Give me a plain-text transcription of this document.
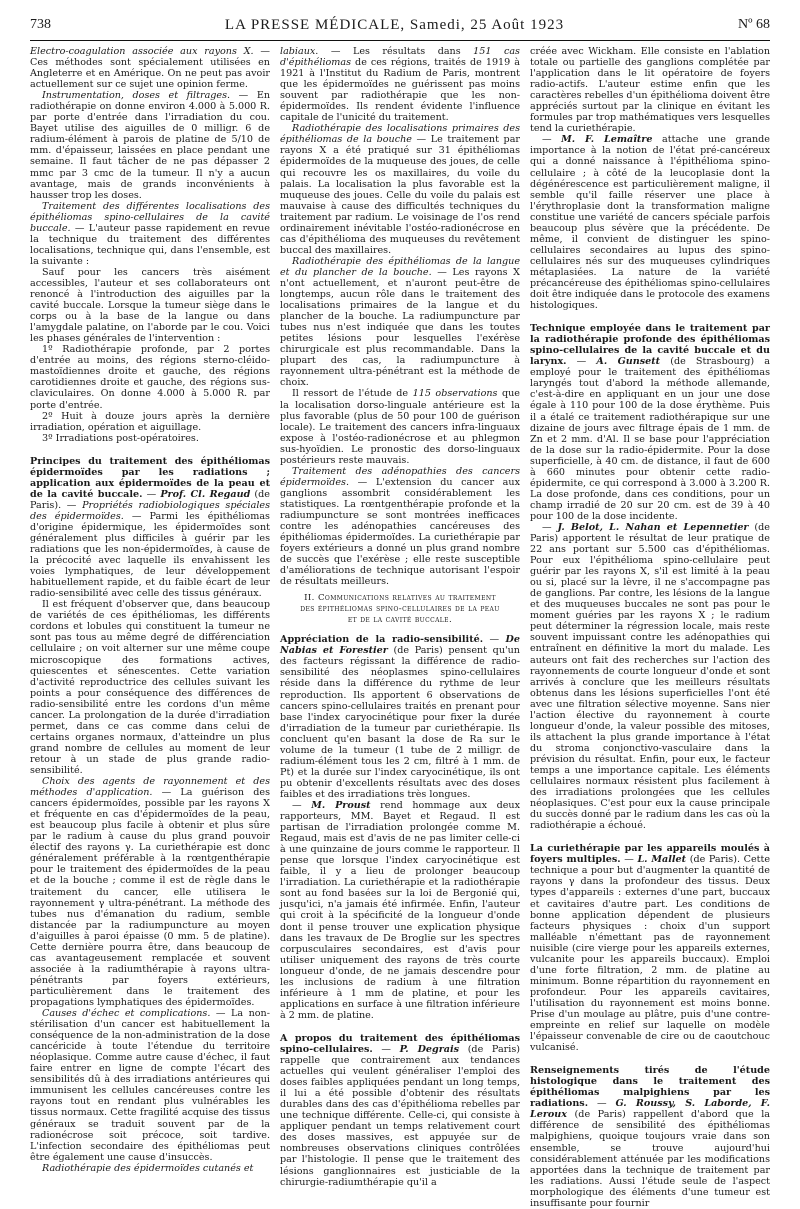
738	LA PRESSE MÉDICALE, Samedi, 25 Août 1923	Nº 68

Electro-coagulation associée aux rayons X. — Ces méthodes sont spécialement utilisées en Angleterre et en Amérique. On ne peut pas avoir actuellement sur ce sujet une opinion ferme.

Instrumentation, doses et filtrages. — En radiothérapie on donne environ 4.000 à 5.000 R. par porte d'entrée dans l'irradiation du cou. Bayet utilise des aiguilles de 0 milligr. 6 de radium-élément à parois de platine de 5/10 de mm. d'épaisseur, laissées en place pendant une semaine. Il faut tâcher de ne pas dépasser 2 mmc par 3 cmc de la tumeur. Il n'y a aucun avantage, mais de grands inconvénients à hausser trop les doses.

Traitement des différentes localisations des épithéliomas spino-cellulaires de la cavité buccale. — L'auteur passe rapidement en revue la technique du traitement des différentes localisations, technique qui, dans l'ensemble, est la suivante :

Sauf pour les cancers très aisément accessibles, l'auteur et ses collaborateurs ont renoncé à l'introduction des aiguilles par la cavité buccale. Lorsque la tumeur siège dans le corps ou à la base de la langue ou dans l'amygdale palatine, on l'aborde par le cou. Voici les phases générales de l'intervention :

1º Radiothérapie profonde, par 2 portes d'entrée au moins, des régions sterno-cléido-mastoïdiennes droite et gauche, des régions carotidiennes droite et gauche, des régions sus-claviculaires. On donne 4.000 à 5.000 R. par porte d'entrée.

2º Huit à douze jours après la dernière irradiation, opération et aiguillage.

3º Irradiations post-opératoires.

Principes du traitement des épithéliomas épidermoïdes par les radiations ; application aux épidermoïdes de la peau et de la cavité buccale. — Prof. Cl. Regaud (de Paris). — Propriétés radiobiologiques spéciales des épidermoïdes. — Parmi les épithéliomas d'origine épidermique, les épidermoïdes sont généralement plus difficiles à guérir par les radiations que les non-épidermoïdes, à cause de la précocité avec laquelle ils envahissent les voies lymphatiques, de leur développement habituellement rapide, et du faible écart de leur radio-sensibilité avec celle des tissus généraux.

Il est fréquent d'observer que, dans beaucoup de variétés de ces épithéliomas, les différents cordons et lobules qui constituent la tumeur ne sont pas tous au même degré de différenciation cellulaire ; on voit alterner sur une même coupe microscopique des formations actives, quiescentes et sénescentes. Cette variation d'activité reproductrice des cellules suivant les points a pour conséquence des différences de radio-sensibilité entre les cordons d'un même cancer. La prolongation de la durée d'irradiation permet, dans ce cas comme dans celui de certains organes normaux, d'atteindre un plus grand nombre de cellules au moment de leur retour à un stade de plus grande radio-sensibilité.

Choix des agents de rayonnement et des méthodes d'application. — La guérison des cancers épidermoïdes, possible par les rayons X et fréquente en cas d'épidermoïdes de la peau, est beaucoup plus facile à obtenir et plus sûre par le radium à cause du plus grand pouvoir électif des rayons γ. La curiethérapie est donc généralement préférable à la rœntgenthérapie pour le traitement des épidermoïdes de la peau et de la bouche ; comme il est de règle dans le traitement du cancer, elle utilisera le rayonnement γ ultra-pénétrant. La méthode des tubes nus d'émanation du radium, semble distancée par la radiumpuncture au moyen d'aiguilles à paroi épaisse (0 mm. 5 de platine). Cette dernière pourra être, dans beaucoup de cas avantageusement remplacée et souvent associée à la radiumthérapie à rayons ultra-pénétrants par foyers extérieurs, particulièrement dans le traitement des propagations lymphatiques des épidermoïdes.

Causes d'échec et complications. — La non-stérilisation d'un cancer est habituellement la conséquence de la non-administration de la dose cancéricide à toute l'étendue du territoire néoplasique. Comme autre cause d'échec, il faut faire entrer en ligne de compte l'écart des sensibilités dû à des irradiations antérieures qui immunisent les cellules cancéreuses contre les rayons tout en rendant plus vulnérables les tissus normaux. Cette fragilité acquise des tissus généraux se traduit souvent par de la radionécrose soit précoce, soit tardive. L'infection secondaire des épithéliomas peut être également une cause d'insuccès.

Radiothérapie des épidermoïdes cutanés et

labiaux. — Les résultats dans 151 cas d'épithéliomas de ces régions, traités de 1919 à 1921 à l'Institut du Radium de Paris, montrent que les épidermoïdes ne guérissent pas moins souvent par radiothérapie que les non-épidermoïdes. Ils rendent évidente l'influence capitale de l'unicité du traitement.

Radiothérapie des localisations primaires des épithéliomas de la bouche — Le traitement par rayons X a été pratiqué sur 31 épithéliomas épidermoïdes de la muqueuse des joues, de celle qui recouvre les os maxillaires, du voile du palais. La localisation la plus favorable est la muqueuse des joues. Celle du voile du palais est mauvaise à cause des difficultés techniques du traitement par radium. Le voisinage de l'os rend ordinairement inévitable l'ostéo-radionécrose en cas d'épithélioma des muqueuses du revêtement buccal des maxillaires.

Radiothérapie des épithéliomas de la langue et du plancher de la bouche. — Les rayons X n'ont actuellement, et n'auront peut-être de longtemps, aucun rôle dans le traitement des localisations primaires de la langue et du plancher de la bouche. La radiumpuncture par tubes nus n'est indiquée que dans les toutes petites lésions pour lesquelles l'exérèse chirurgicale est plus recommandable. Dans la plupart des cas, la radiumpuncture à rayonnement ultra-pénétrant est la méthode de choix.

Il ressort de l'étude de 115 observations que la localisation dorso-linguale antérieure est la plus favorable (plus de 50 pour 100 de guérison locale). Le traitement des cancers infra-linguaux expose à l'ostéo-radionécrose et au phlegmon sus-hyoïdien. Le pronostic des dorso-linguaux postérieurs reste mauvais.

Traitement des adénopathies des cancers épidermoïdes. — L'extension du cancer aux ganglions assombrit considérablement les statistiques. La rœntgenthérapie profonde et la radiumpuncture se sont montrées inefficaces contre les adénopathies cancéreuses des épithéliomas épidermoïdes. La curiethérapie par foyers extérieurs a donné un plus grand nombre de succès que l'exérèse ; elle reste susceptible d'améliorations de technique autorisant l'espoir de résultats meilleurs.

II. Communications relatives au traitement
des épithéliomas spino-cellulaires de la peau
et de la cavité buccale.

Appréciation de la radio-sensibilité. — De Nabias et Forestier (de Paris) pensent qu'un des facteurs régissant la différence de radio-sensibilité des néoplasmes spino-cellulaires réside dans la différence du rythme de leur reproduction. Ils apportent 6 observations de cancers spino-cellulaires traités en prenant pour base l'index caryocinétique pour fixer la durée d'irradiation de la tumeur par curiethérapie. Ils concluent qu'en basant la dose de Ra sur le volume de la tumeur (1 tube de 2 milligr. de radium-élément tous les 2 cm, filtré à 1 mm. de Pt) et la durée sur l'index caryocinétique, ils ont pu obtenir d'excellents résultats avec des doses faibles et des irradiations très longues.

— M. Proust rend hommage aux deux rapporteurs, MM. Bayet et Regaud. Il est partisan de l'irradiation prolongée comme M. Regaud, mais est d'avis de ne pas limiter celle-ci à une quinzaine de jours comme le rapporteur. Il pense que lorsque l'index caryocinétique est faible, il y a lieu de prolonger beaucoup l'irradiation. La curiethérapie et la radiothérapie sont au fond basées sur la loi de Bergonié qui, jusqu'ici, n'a jamais été infirmée. Enfin, l'auteur qui croit à la spécificité de la longueur d'onde dont il pense trouver une explication physique dans les travaux de De Broglie sur les spectres corpusculaires secondaires, est d'avis pour utiliser uniquement des rayons de très courte longueur d'onde, de ne jamais descendre pour les inclusions de radium à une filtration inférieure à 1 mm de platine, et pour les applications en surface à une filtration inférieure à 2 mm. de platine.

A propos du traitement des épithéliomas spino-cellulaires. — P. Degrais (de Paris) rappelle que contrairement aux tendances actuelles qui veulent généraliser l'emploi des doses faibles appliquées pendant un long temps, il lui a été possible d'obtenir des résultats durables dans des cas d'épithélioma rebelles par une technique différente. Celle-ci, qui consiste à appliquer pendant un temps relativement court des doses massives, est appuyée sur de nombreuses observations cliniques contrôlées par l'histologie. Il pense que le traitement des lésions ganglionnaires est justiciable de la chirurgie-radiumthérapie qu'il a

créée avec Wickham. Elle consiste en l'ablation totale ou partielle des ganglions complétée par l'application dans le lit opératoire de foyers radio-actifs. L'auteur estime enfin que les caractères rebelles d'un épithélioma doivent être appréciés surtout par la clinique en évitant les formules par trop mathématiques vers lesquelles tend la curiethérapie.

— M. F. Lemaître attache une grande importance à la notion de l'état pré-cancéreux qui a donné naissance à l'épithélioma spino-cellulaire ; à côté de la leucoplasie dont la dégénérescence est particulièrement maligne, il semble qu'il faille réserver une place à l'érythroplasie dont la transformation maligne constitue une variété de cancers spéciale parfois beaucoup plus sévère que la précédente. De même, il convient de distinguer les spino-cellulaires secondaires au lupus des spino-cellulaires nés sur des muqueuses cylindriques métaplasiées. La nature de la variété précancéreuse des épithéliomas spino-cellulaires doit être indiquée dans le protocole des examens histologiques.

Technique employée dans le traitement par la radiothérapie profonde des épithéliomas spino-cellulaires de la cavité buccale et du larynx. — A. Gunsett (de Strasbourg) a employé pour le traitement des épithéliomas laryngés tout d'abord la méthode allemande, c'est-à-dire en appliquant en un jour une dose égale à 110 pour 100 de la dose érythème. Puis il a étalé ce traitement radiothérapique sur une dizaine de jours avec filtrage épais de 1 mm. de Zn et 2 mm. d'Al. Il se base pour l'appréciation de la dose sur la radio-épidermite. Pour la dose superficielle, à 40 cm. de distance, il faut de 600 à 660 minutes pour obtenir cette radio-épidermite, ce qui correspond à 3.000 à 3.200 R. La dose profonde, dans ces conditions, pour un champ irradié de 20 sur 20 cm. est de 39 à 40 pour 100 de la dose incidente.

— J. Belot, L. Nahan et Lepennetier (de Paris) apportent le résultat de leur pratique de 22 ans portant sur 5.500 cas d'épithéliomas. Pour eux l'épithélioma spino-cellulaire peut guérir par les rayons X, s'il est limité à la peau ou si, placé sur la lèvre, il ne s'accompagne pas de ganglions. Par contre, les lésions de la langue et des muqueuses buccales ne sont pas pour le moment guéries par les rayons X ; le radium peut déterminer la régression locale, mais reste souvent impuissant contre les adénopathies qui entraînent en définitive la mort du malade. Les auteurs ont fait des recherches sur l'action des rayonnements de courte longueur d'onde et sont arrivés à conclure que les meilleurs résultats obtenus dans les lésions superficielles l'ont été avec une filtration sélective moyenne. Sans nier l'action élective du rayonnement à courte longueur d'onde, la valeur possible des mitoses, ils attachent la plus grande importance à l'état du stroma conjonctivo-vasculaire dans la prévision du résultat. Enfin, pour eux, le facteur temps a une importance capitale. Les éléments cellulaires normaux résistent plus facilement à des irradiations prolongées que les cellules néoplasiques. C'est pour eux la cause principale du succès donné par le radium dans les cas où la radiothérapie a échoué.

La curiethérapie par les appareils moulés à foyers multiples. — L. Mallet (de Paris). Cette technique a pour but d'augmenter la quantité de rayons γ dans la profondeur des tissus. Deux types d'appareils : externes d'une part, buccaux et cavitaires d'autre part. Les conditions de bonne application dépendent de plusieurs facteurs physiques : choix d'un support malléable n'émettant pas de rayonnement nuisible (cire vierge pour les appareils externes, vulcanite pour les appareils buccaux). Emploi d'une forte filtration, 2 mm. de platine au minimum. Bonne répartition du rayonnement en profondeur. Pour les appareils cavitaires, l'utilisation du rayonnement est moins bonne. Prise d'un moulage au plâtre, puis d'une contre-empreinte en relief sur laquelle on modèle l'épaisseur convenable de cire ou de caoutchouc vulcanisé.

Renseignements tirés de l'étude histologique dans le traitement des épithéliomas malpighiens par les radiations. — G. Roussy, S. Laborde, F. Leroux (de Paris) rappellent d'abord que la différence de sensibilité des épithéliomas malpighiens, quoique toujours vraie dans son ensemble, se trouve aujourd'hui considérablement atténuée par les modifications apportées dans la technique de traitement par les radiations. Aussi l'étude seule de l'aspect morphologique des éléments d'une tumeur est insuffisante pour fournir
